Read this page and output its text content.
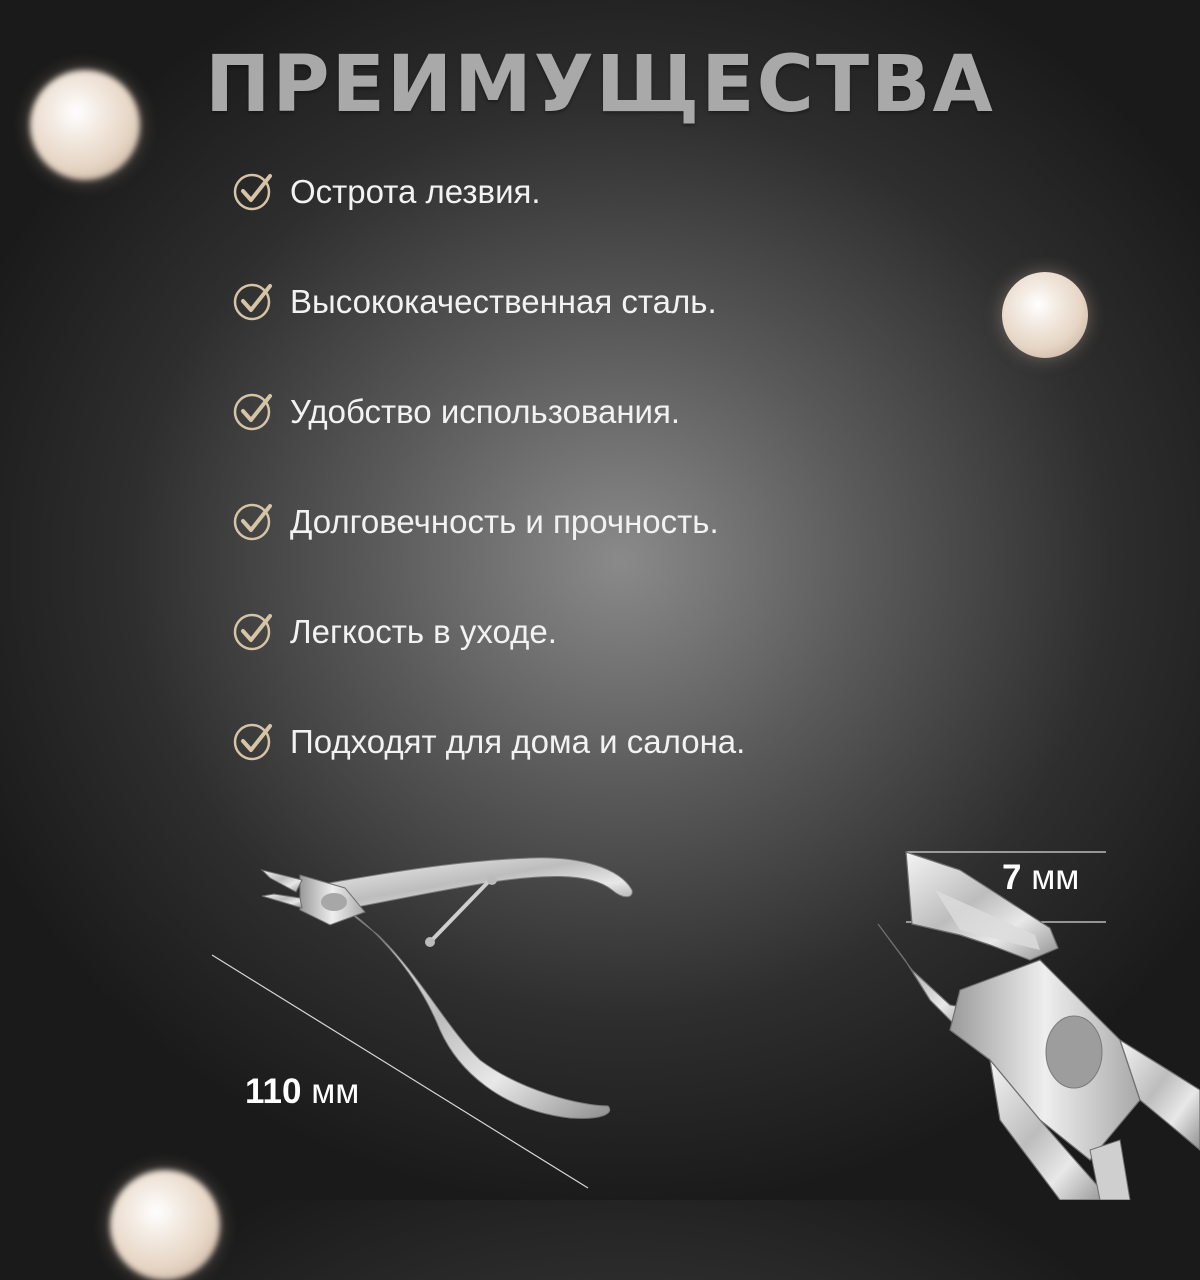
ПРЕИМУЩЕСТВА
Острота лезвия.
Высококачественная сталь.
Удобство использования.
Долговечность и прочность.
Легкость в уходе.
Подходят для дома и салона.
110 мм
7 мм
